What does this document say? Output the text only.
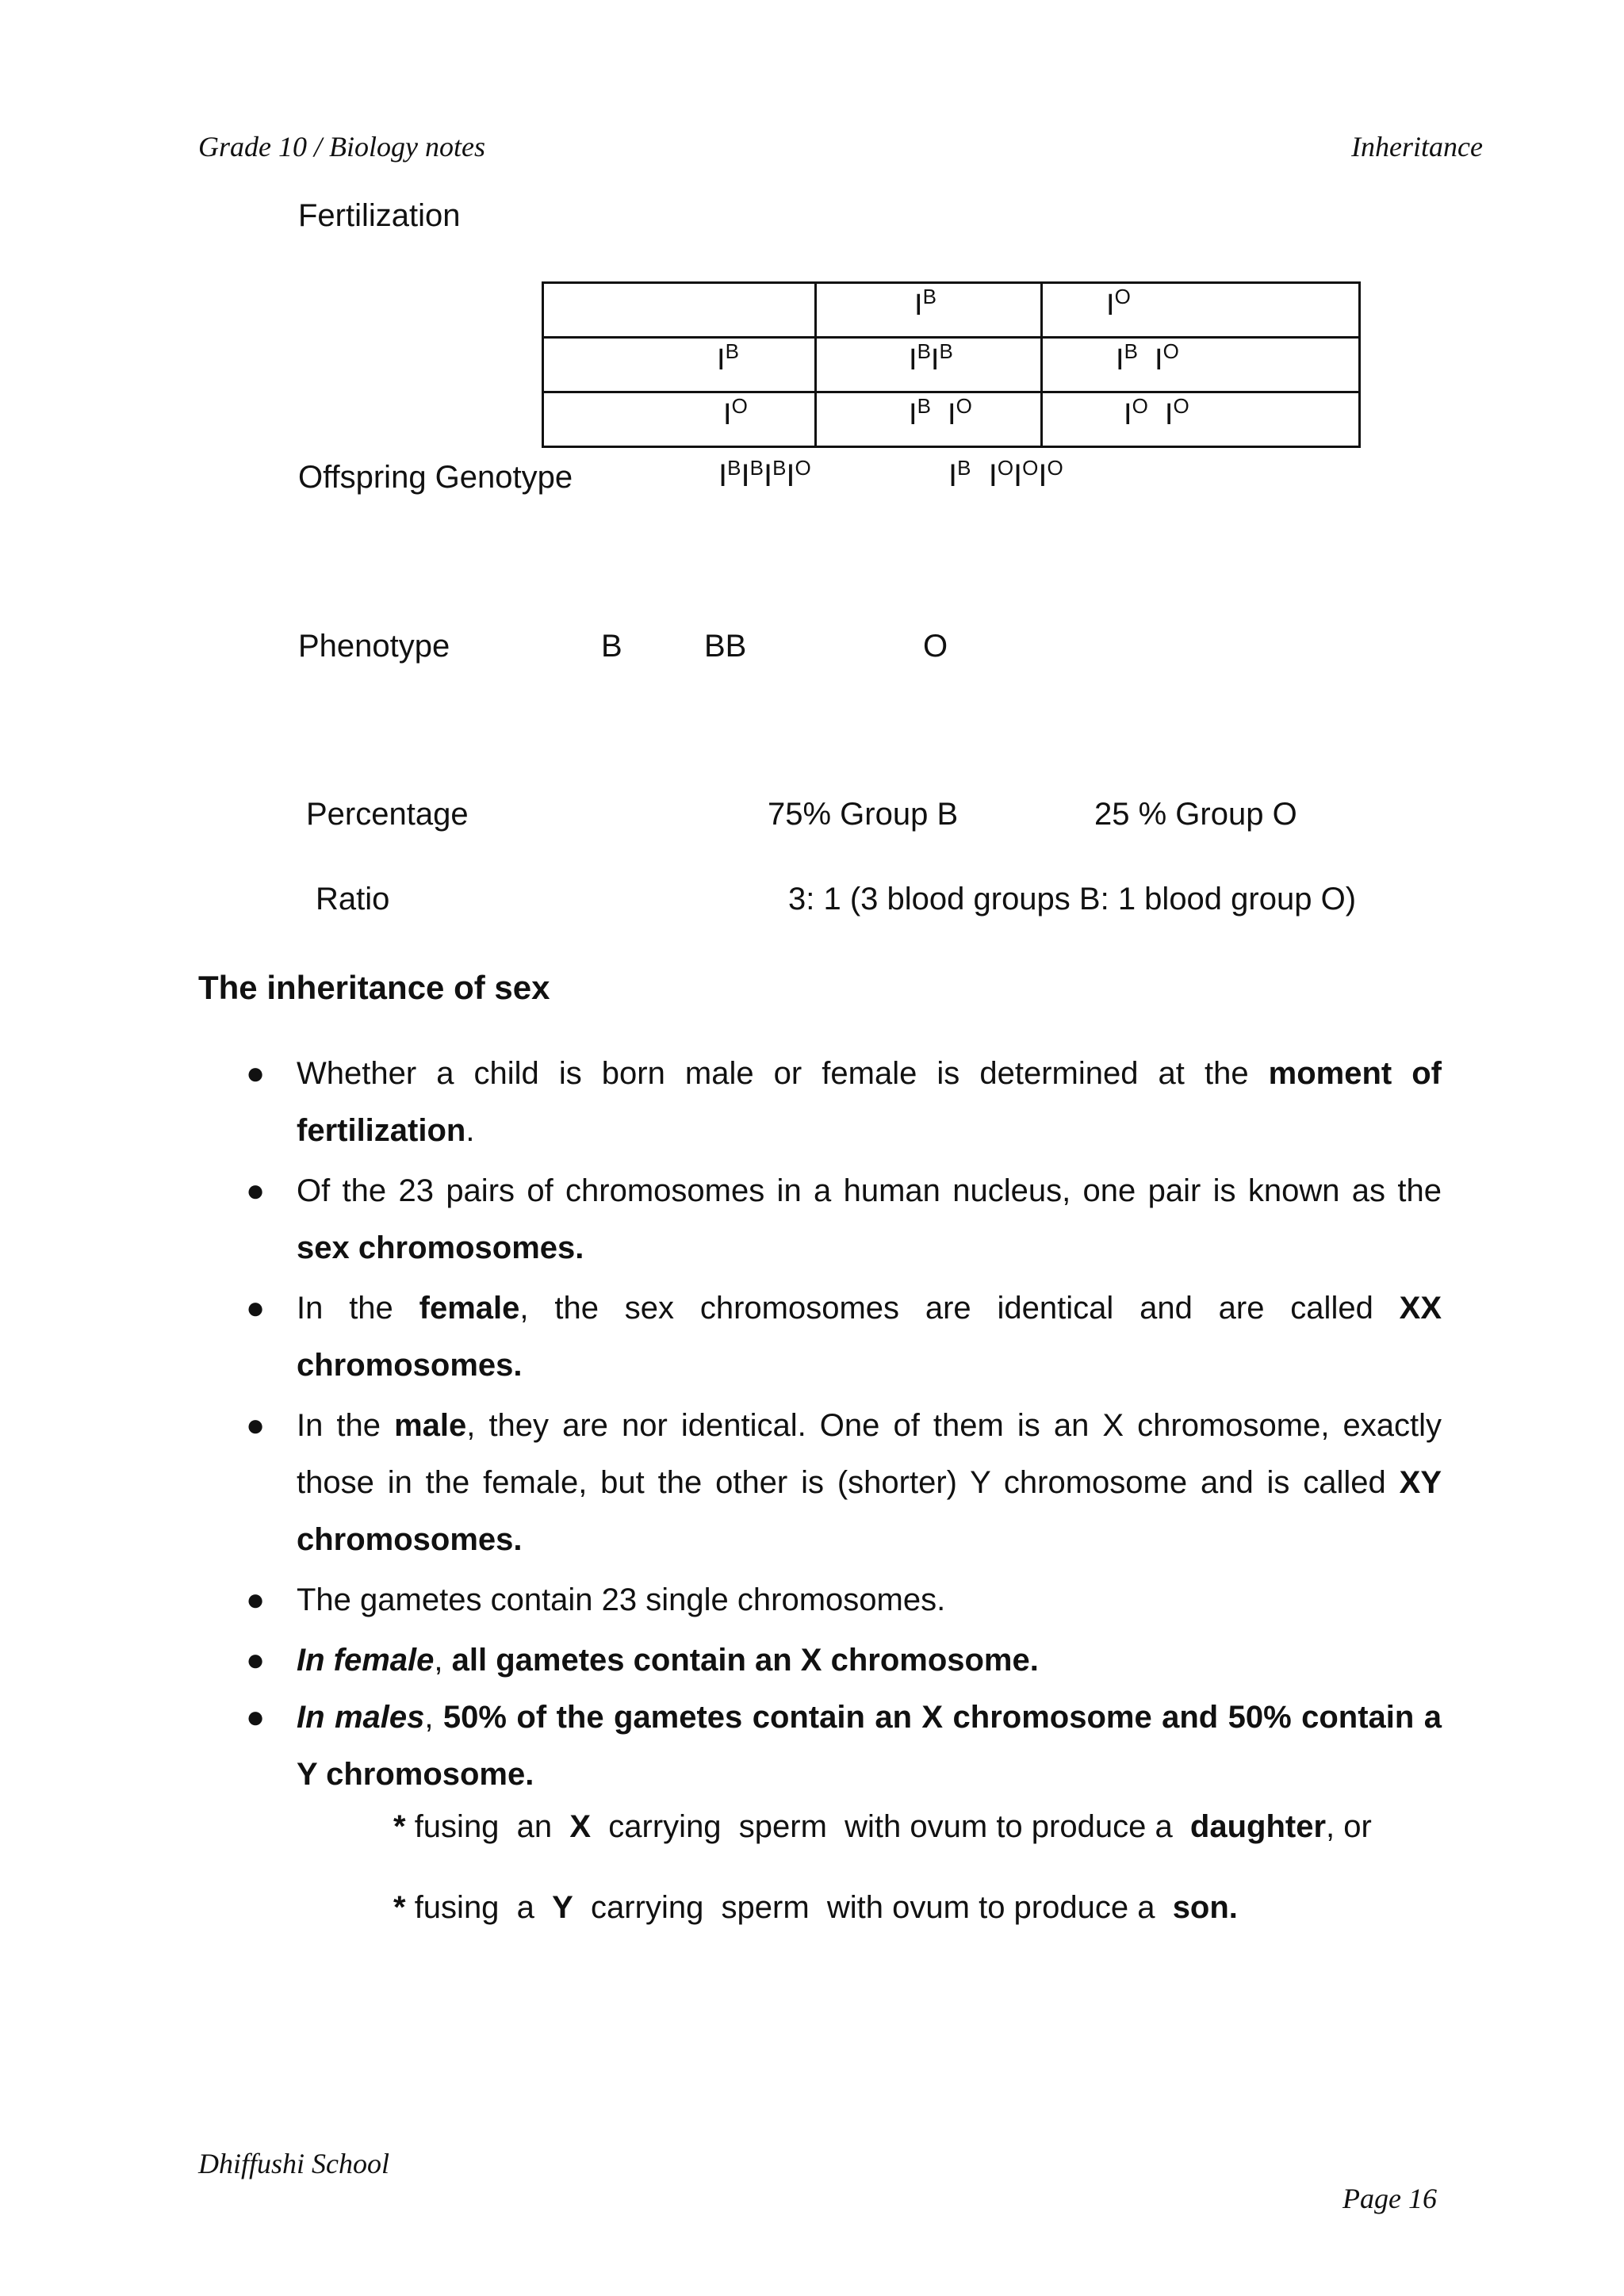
Grade 10 / Biology notes	Inheritance
Fertilization

	$I^B$	$I^O$

$I^B$	$I^BI^B$	$I^B$  $I^O$

$I^O$	$I^B$  $I^O$	$I^O$  $I^O$
Offspring Genotype	$I^BI^BI^BI^O$	$I^B$  $I^OI^OI^O$
Phenotype	B	BB	O
Percentage	75% Group B	25 % Group O
Ratio	3: 1 (3 blood groups B: 1 blood group O)
The inheritance of sex
● Whether a child is born male or female is determined at the moment of fertilization.
● Of the 23 pairs of chromosomes in a human nucleus, one pair is known as the sex chromosomes.
● In  the  female,  the  sex  chromosomes  are  identical  and  are  called  XX chromosomes.
● In the male, they are nor identical. One of them is an X chromosome, exactly those in the female, but the other is (shorter) Y chromosome and is called XY chromosomes.
● The gametes contain 23 single chromosomes.
● In female, all gametes contain an X chromosome.
● In males, 50% of the gametes contain an X chromosome and 50% contain a Y chromosome.
* fusing  an  X  carrying  sperm  with ovum to produce a  daughter, or
* fusing  a  Y  carrying  sperm  with ovum to produce a  son.
Dhiffushi School
Page 16
